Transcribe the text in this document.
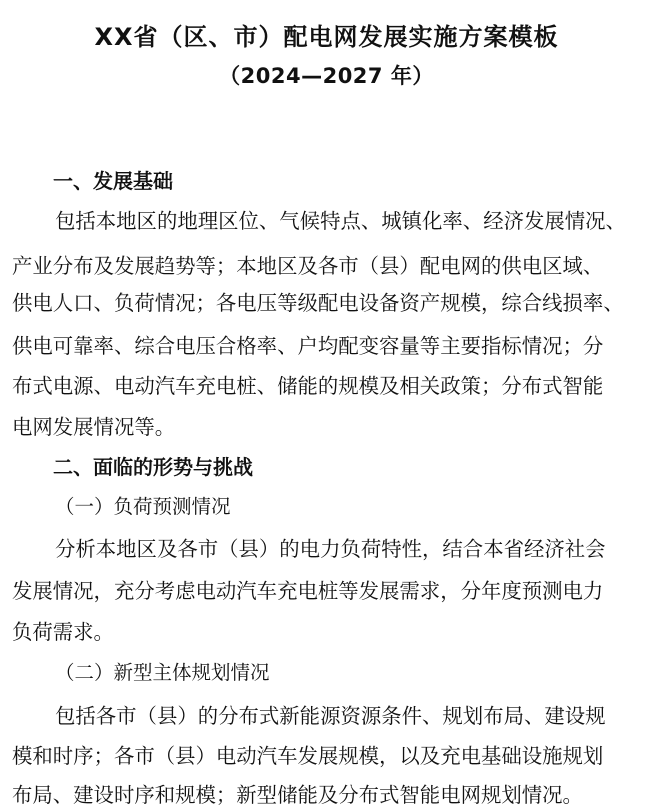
XX省（区、市）配电网发展实施方案模板
（2024—2027 年）

一、发展基础

包括本地区的地理区位、气候特点、城镇化率、经济发展情况、

产业分布及发展趋势等；本地区及各市（县）配电网的供电区域、

供电人口、负荷情况；各电压等级配电设备资产规模，综合线损率、

供电可靠率、综合电压合格率、户均配变容量等主要指标情况；分

布式电源、电动汽车充电桩、储能的规模及相关政策；分布式智能

电网发展情况等。

二、面临的形势与挑战

（一）负荷预测情况

分析本地区及各市（县）的电力负荷特性，结合本省经济社会

发展情况，充分考虑电动汽车充电桩等发展需求，分年度预测电力

负荷需求。

（二）新型主体规划情况

包括各市（县）的分布式新能源资源条件、规划布局、建设规

模和时序；各市（县）电动汽车发展规模，以及充电基础设施规划

布局、建设时序和规模；新型储能及分布式智能电网规划情况。
